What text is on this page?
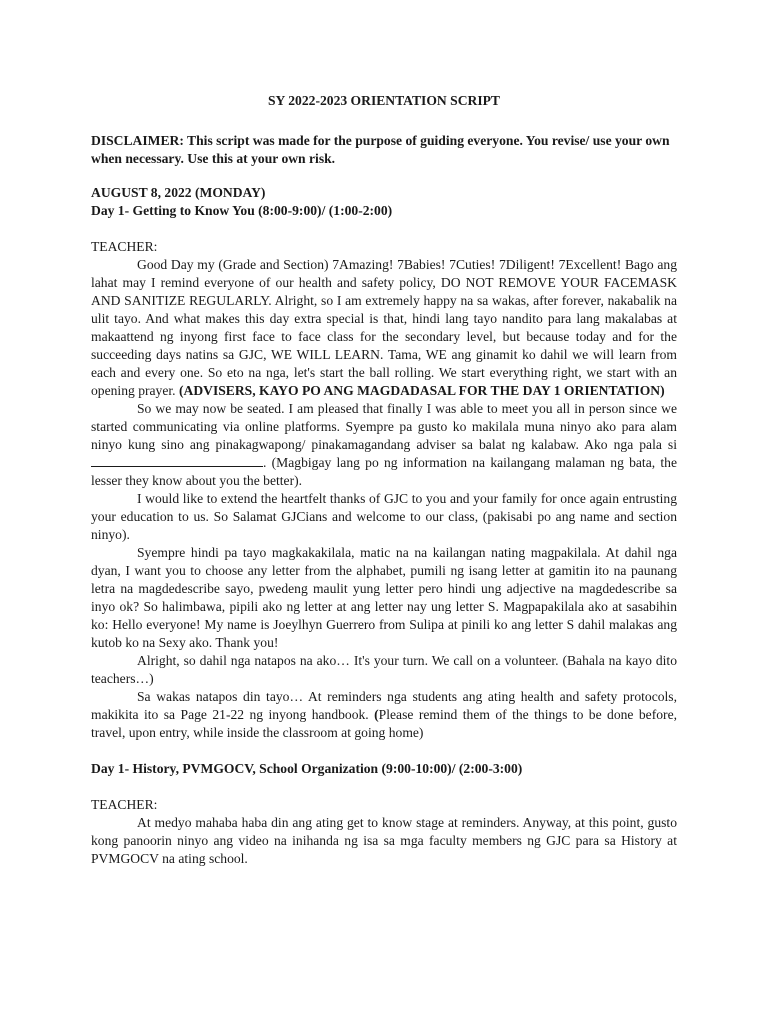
SY 2022-2023 ORIENTATION SCRIPT

DISCLAIMER: This script was made for the purpose of guiding everyone. You revise/ use your own when necessary. Use this at your own risk.

AUGUST 8, 2022 (MONDAY)

Day 1- Getting to Know You (8:00-9:00)/ (1:00-2:00)

TEACHER:

Good Day my (Grade and Section) 7Amazing! 7Babies! 7Cuties! 7Diligent! 7Excellent! Bago ang lahat may I remind everyone of our health and safety policy, DO NOT REMOVE YOUR FACEMASK AND SANITIZE REGULARLY. Alright, so I am extremely happy na sa wakas, after forever, nakabalik na ulit tayo. And what makes this day extra special is that, hindi lang tayo nandito para lang makalabas at makaattend ng inyong first face to face class for the secondary level, but because today and for the succeeding days natins sa GJC, WE WILL LEARN. Tama, WE ang ginamit ko dahil we will learn from each and every one. So eto na nga, let's start the ball rolling. We start everything right, we start with an opening prayer. (ADVISERS, KAYO PO ANG MAGDADASAL FOR THE DAY 1 ORIENTATION)

So we may now be seated. I am pleased that finally I was able to meet you all in person since we started communicating via online platforms. Syempre pa gusto ko makilala muna ninyo ako para alam ninyo kung sino ang pinakagwapong/ pinakamagandang adviser sa balat ng kalabaw. Ako nga pala si . (Magbigay lang po ng information na kailangang malaman ng bata, the lesser they know about you the better).

I would like to extend the heartfelt thanks of GJC to you and your family for once again entrusting your education to us. So Salamat GJCians and welcome to our class, (pakisabi po ang name and section ninyo).

Syempre hindi pa tayo magkakakilala, matic na na kailangan nating magpakilala. At dahil nga dyan, I want you to choose any letter from the alphabet, pumili ng isang letter at gamitin ito na paunang letra na magdedescribe sayo, pwedeng maulit yung letter pero hindi ung adjective na magdedescribe sa inyo ok? So halimbawa, pipili ako ng letter at ang letter nay ung letter S. Magpapakilala ako at sasabihin ko: Hello everyone! My name is Joeylhyn Guerrero from Sulipa at pinili ko ang letter S dahil malakas ang kutob ko na Sexy ako. Thank you!

Alright, so dahil nga natapos na ako… It's your turn. We call on a volunteer. (Bahala na kayo dito teachers…)

Sa wakas natapos din tayo… At reminders nga students ang ating health and safety protocols, makikita ito sa Page 21-22 ng inyong handbook. (Please remind them of the things to be done before, travel, upon entry, while inside the classroom at going home)

Day 1- History, PVMGOCV, School Organization (9:00-10:00)/ (2:00-3:00)

TEACHER:

At medyo mahaba haba din ang ating get to know stage at reminders. Anyway, at this point, gusto kong panoorin ninyo ang video na inihanda ng isa sa mga faculty members ng GJC para sa History at PVMGOCV na ating school.
